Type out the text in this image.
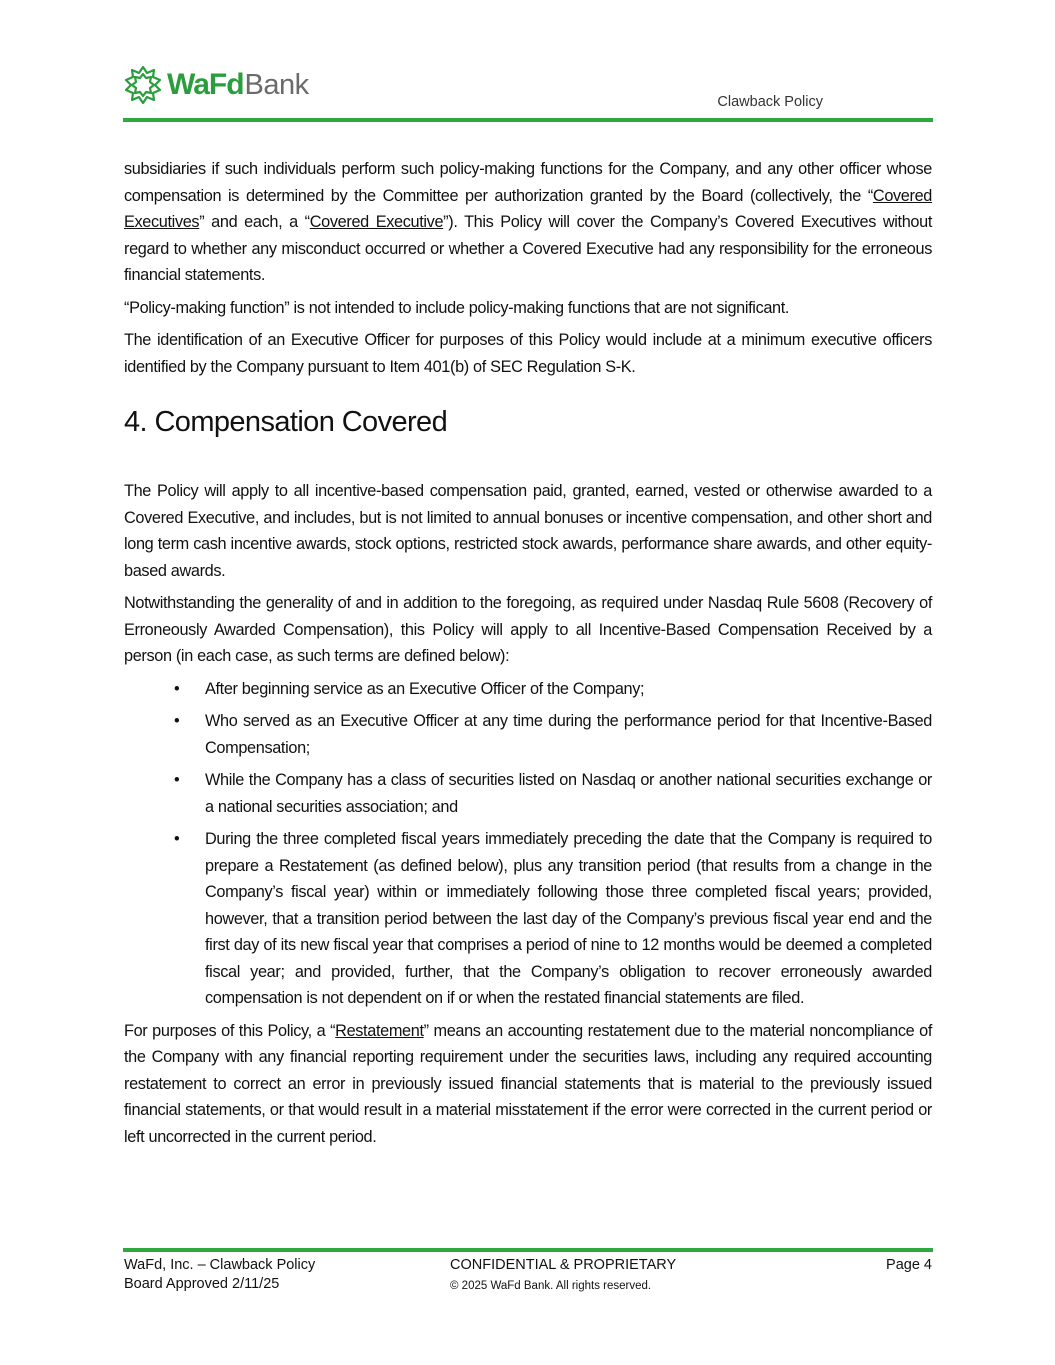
WaFd Bank
Clawback Policy

subsidiaries if such individuals perform such policy-making functions for the Company, and any other officer whose compensation is determined by the Committee per authorization granted by the Board (collectively, the “Covered Executives” and each, a “Covered Executive”). This Policy will cover the Company’s Covered Executives without regard to whether any misconduct occurred or whether a Covered Executive had any responsibility for the erroneous financial statements.

“Policy-making function” is not intended to include policy-making functions that are not significant.

The identification of an Executive Officer for purposes of this Policy would include at a minimum executive officers identified by the Company pursuant to Item 401(b) of SEC Regulation S-K.

4. Compensation Covered

The Policy will apply to all incentive-based compensation paid, granted, earned, vested or otherwise awarded to a Covered Executive, and includes, but is not limited to annual bonuses or incentive compensation, and other short and long term cash incentive awards, stock options, restricted stock awards, performance share awards, and other equity-based awards.

Notwithstanding the generality of and in addition to the foregoing, as required under Nasdaq Rule 5608 (Recovery of Erroneously Awarded Compensation), this Policy will apply to all Incentive-Based Compensation Received by a person (in each case, as such terms are defined below):

• After beginning service as an Executive Officer of the Company;
• Who served as an Executive Officer at any time during the performance period for that Incentive-Based Compensation;
• While the Company has a class of securities listed on Nasdaq or another national securities exchange or a national securities association; and
• During the three completed fiscal years immediately preceding the date that the Company is required to prepare a Restatement (as defined below), plus any transition period (that results from a change in the Company’s fiscal year) within or immediately following those three completed fiscal years; provided, however, that a transition period between the last day of the Company’s previous fiscal year end and the first day of its new fiscal year that comprises a period of nine to 12 months would be deemed a completed fiscal year; and provided, further, that the Company’s obligation to recover erroneously awarded compensation is not dependent on if or when the restated financial statements are filed.

For purposes of this Policy, a “Restatement” means an accounting restatement due to the material noncompliance of the Company with any financial reporting requirement under the securities laws, including any required accounting restatement to correct an error in previously issued financial statements that is material to the previously issued financial statements, or that would result in a material misstatement if the error were corrected in the current period or left uncorrected in the current period.

WaFd, Inc. – Clawback Policy
Board Approved 2/11/25
CONFIDENTIAL & PROPRIETARY
© 2025 WaFd Bank. All rights reserved.
Page 4
